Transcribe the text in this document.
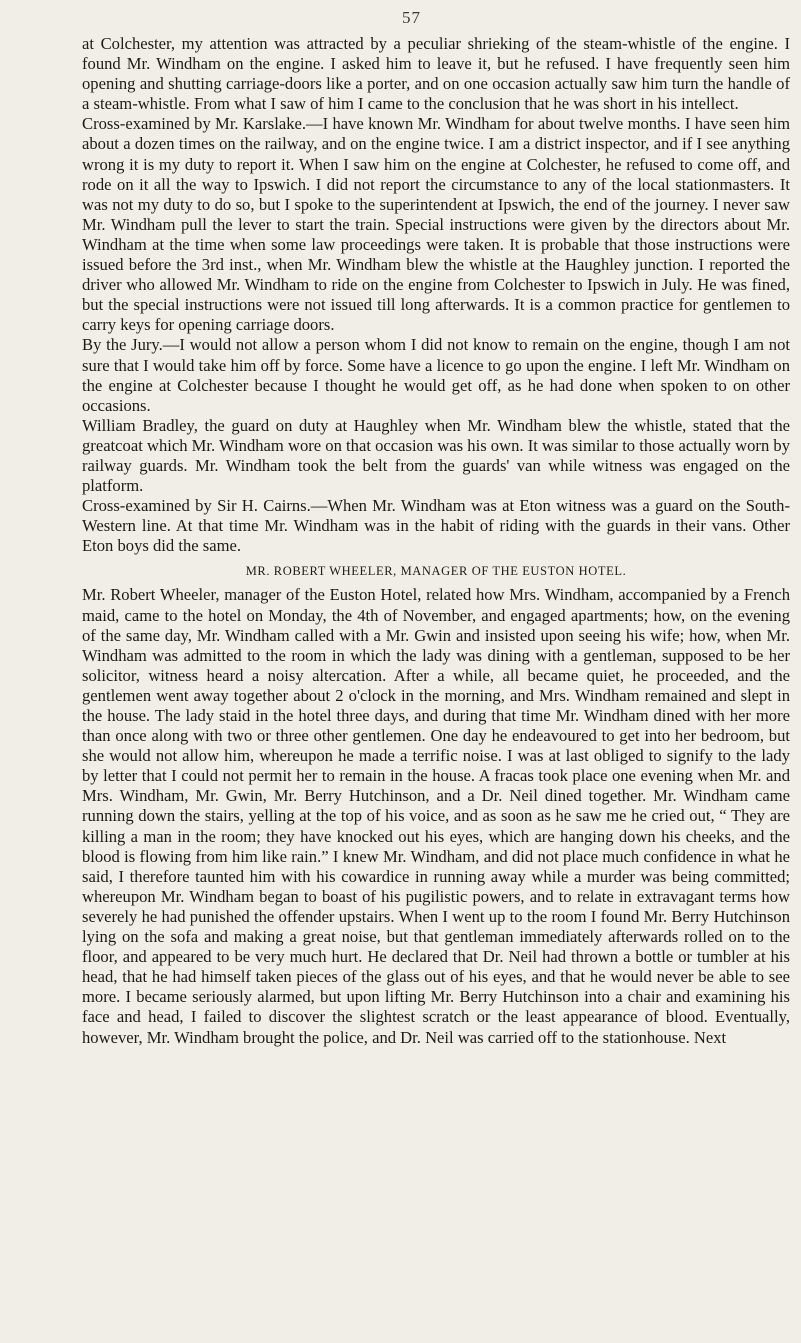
57

at Colchester, my attention was attracted by a peculiar shrieking of the steam-whistle of the engine. I found Mr. Windham on the engine. I asked him to leave it, but he refused. I have frequently seen him opening and shutting carriage-doors like a porter, and on one occasion actually saw him turn the handle of a steam-whistle. From what I saw of him I came to the conclusion that he was short in his intellect.

Cross-examined by Mr. Karslake.—I have known Mr. Windham for about twelve months. I have seen him about a dozen times on the railway, and on the engine twice. I am a district inspector, and if I see anything wrong it is my duty to report it. When I saw him on the engine at Colchester, he refused to come off, and rode on it all the way to Ipswich. I did not report the circumstance to any of the local stationmasters. It was not my duty to do so, but I spoke to the superintendent at Ipswich, the end of the journey. I never saw Mr. Windham pull the lever to start the train. Special instructions were given by the directors about Mr. Windham at the time when some law proceedings were taken. It is probable that those instructions were issued before the 3rd inst., when Mr. Windham blew the whistle at the Haughley junction. I reported the driver who allowed Mr. Windham to ride on the engine from Colchester to Ipswich in July. He was fined, but the special instructions were not issued till long afterwards. It is a common practice for gentlemen to carry keys for opening carriage doors.

By the Jury.—I would not allow a person whom I did not know to remain on the engine, though I am not sure that I would take him off by force. Some have a licence to go upon the engine. I left Mr. Windham on the engine at Colchester because I thought he would get off, as he had done when spoken to on other occasions.

William Bradley, the guard on duty at Haughley when Mr. Windham blew the whistle, stated that the greatcoat which Mr. Windham wore on that occasion was his own. It was similar to those actually worn by railway guards. Mr. Windham took the belt from the guards' van while witness was engaged on the platform.

Cross-examined by Sir H. Cairns.—When Mr. Windham was at Eton witness was a guard on the South-Western line. At that time Mr. Windham was in the habit of riding with the guards in their vans. Other Eton boys did the same.

MR. ROBERT WHEELER, MANAGER OF THE EUSTON HOTEL.

Mr. Robert Wheeler, manager of the Euston Hotel, related how Mrs. Windham, accompanied by a French maid, came to the hotel on Monday, the 4th of November, and engaged apartments; how, on the evening of the same day, Mr. Windham called with a Mr. Gwin and insisted upon seeing his wife; how, when Mr. Windham was admitted to the room in which the lady was dining with a gentleman, supposed to be her solicitor, witness heard a noisy altercation. After a while, all became quiet, he proceeded, and the gentlemen went away together about 2 o'clock in the morning, and Mrs. Windham remained and slept in the house. The lady staid in the hotel three days, and during that time Mr. Windham dined with her more than once along with two or three other gentlemen. One day he endeavoured to get into her bedroom, but she would not allow him, whereupon he made a terrific noise. I was at last obliged to signify to the lady by letter that I could not permit her to remain in the house. A fracas took place one evening when Mr. and Mrs. Windham, Mr. Gwin, Mr. Berry Hutchinson, and a Dr. Neil dined together. Mr. Windham came running down the stairs, yelling at the top of his voice, and as soon as he saw me he cried out, “ They are killing a man in the room; they have knocked out his eyes, which are hanging down his cheeks, and the blood is flowing from him like rain.” I knew Mr. Windham, and did not place much confidence in what he said, I therefore taunted him with his cowardice in running away while a murder was being committed; whereupon Mr. Windham began to boast of his pugilistic powers, and to relate in extravagant terms how severely he had punished the offender upstairs. When I went up to the room I found Mr. Berry Hutchinson lying on the sofa and making a great noise, but that gentleman immediately afterwards rolled on to the floor, and appeared to be very much hurt. He declared that Dr. Neil had thrown a bottle or tumbler at his head, that he had himself taken pieces of the glass out of his eyes, and that he would never be able to see more. I became seriously alarmed, but upon lifting Mr. Berry Hutchinson into a chair and examining his face and head, I failed to discover the slightest scratch or the least appearance of blood. Eventually, however, Mr. Windham brought the police, and Dr. Neil was carried off to the stationhouse. Next
